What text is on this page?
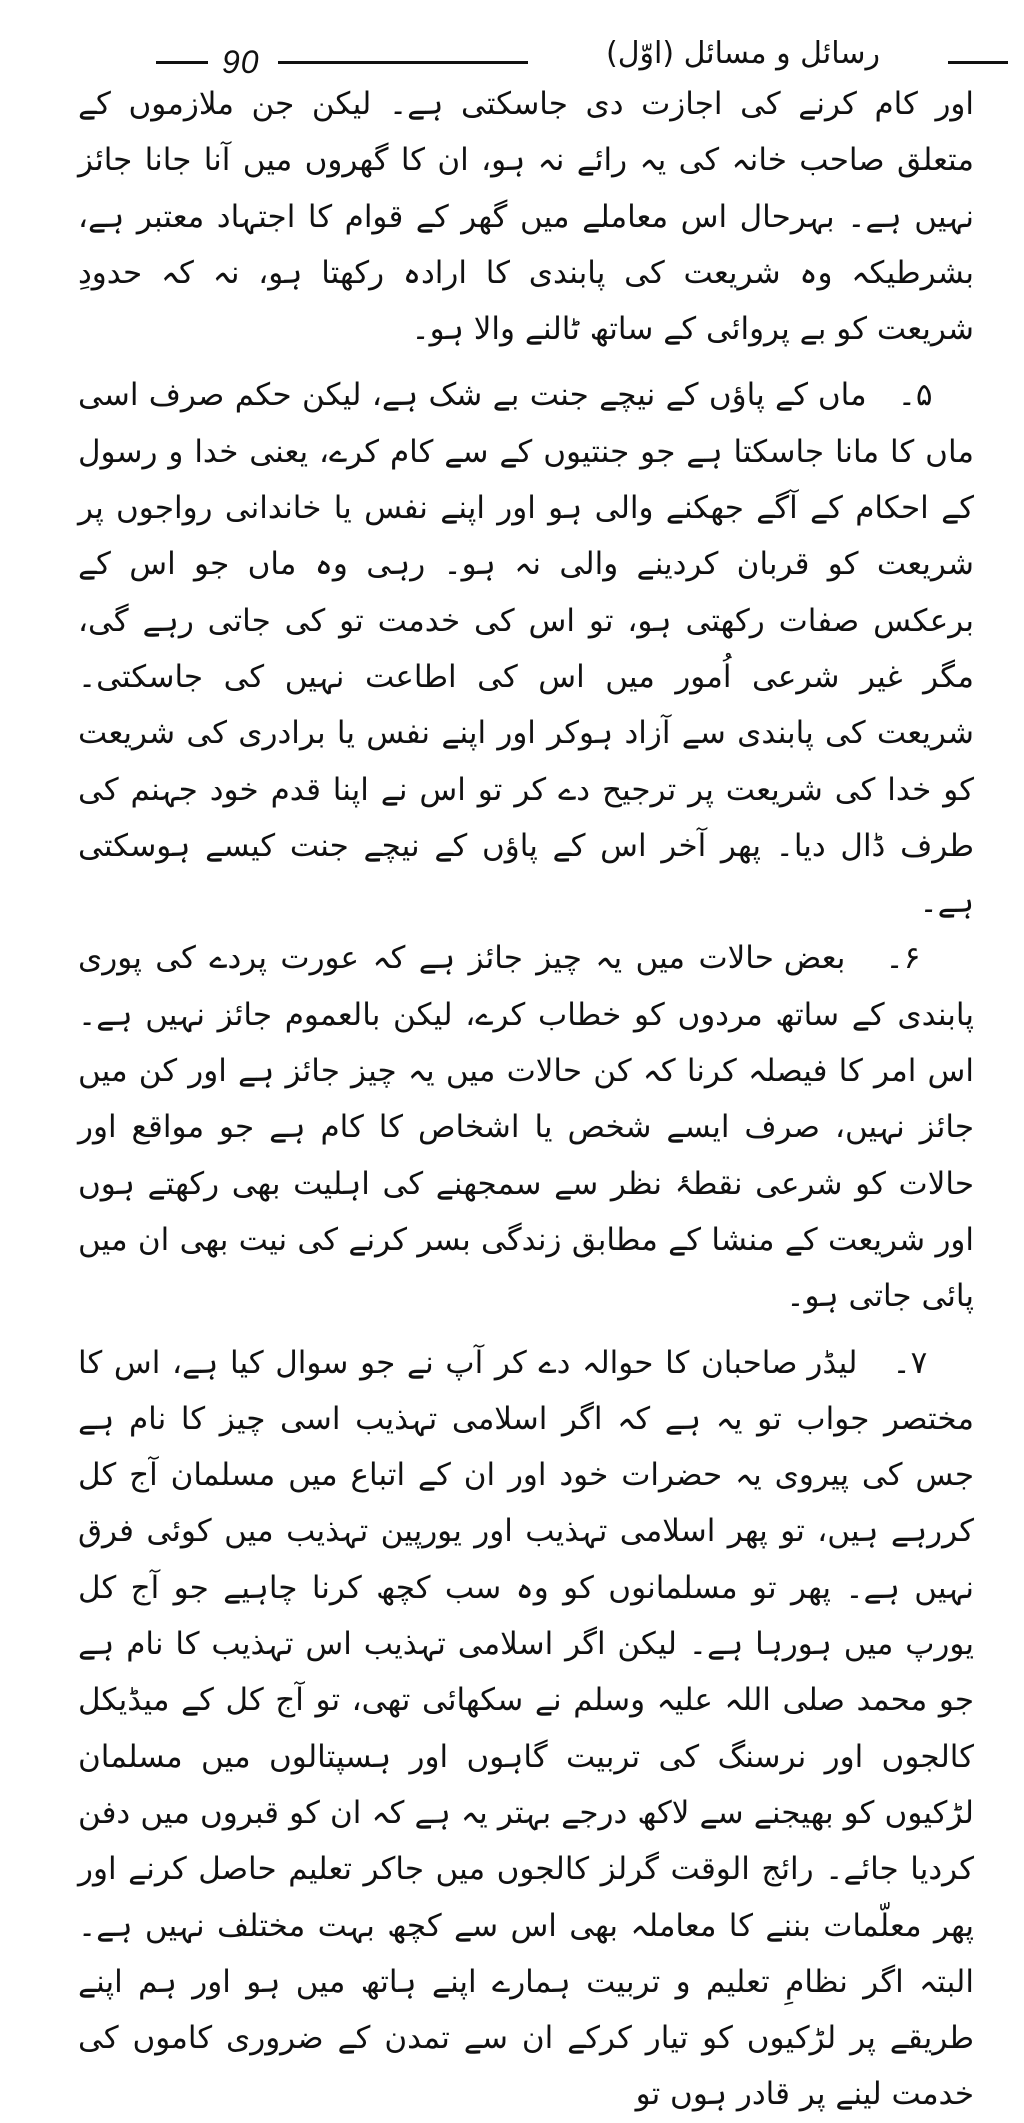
90	رسائل و مسائل (اوّل)

اور کام کرنے کی اجازت دی جاسکتی ہے۔ لیکن جن ملازموں کے متعلق صاحب خانہ کی یہ رائے نہ ہو، ان کا گھروں میں آنا جانا جائز نہیں ہے۔ بہرحال اس معاملے میں گھر کے قوام کا اجتہاد معتبر ہے، بشرطیکہ وہ شریعت کی پابندی کا ارادہ رکھتا ہو، نہ کہ حدودِ شریعت کو بے پروائی کے ساتھ ٹالنے والا ہو۔

۵۔   ماں کے پاؤں کے نیچے جنت بے شک ہے، لیکن حکم صرف اسی ماں کا مانا جاسکتا ہے جو جنتیوں کے سے کام کرے، یعنی خدا و رسول کے احکام کے آگے جھکنے والی ہو اور اپنے نفس یا خاندانی رواجوں پر شریعت کو قربان کردینے والی نہ ہو۔ رہی وہ ماں جو اس کے برعکس صفات رکھتی ہو، تو اس کی خدمت تو کی جاتی رہے گی، مگر غیر شرعی اُمور میں اس کی اطاعت نہیں کی جاسکتی۔ شریعت کی پابندی سے آزاد ہوکر اور اپنے نفس یا برادری کی شریعت کو خدا کی شریعت پر ترجیح دے کر تو اس نے اپنا قدم خود جہنم کی طرف ڈال دیا۔ پھر آخر اس کے پاؤں کے نیچے جنت کیسے ہوسکتی ہے۔

۶۔   بعض حالات میں یہ چیز جائز ہے کہ عورت پردے کی پوری پابندی کے ساتھ مردوں کو خطاب کرے، لیکن بالعموم جائز نہیں ہے۔ اس امر کا فیصلہ کرنا کہ کن حالات میں یہ چیز جائز ہے اور کن میں جائز نہیں، صرف ایسے شخص یا اشخاص کا کام ہے جو مواقع اور حالات کو شرعی نقطۂ نظر سے سمجھنے کی اہلیت بھی رکھتے ہوں اور شریعت کے منشا کے مطابق زندگی بسر کرنے کی نیت بھی ان میں پائی جاتی ہو۔

۷۔   لیڈر صاحبان کا حوالہ دے کر آپ نے جو سوال کیا ہے، اس کا مختصر جواب تو یہ ہے کہ اگر اسلامی تہذیب اسی چیز کا نام ہے جس کی پیروی یہ حضرات خود اور ان کے اتباع میں مسلمان آج کل کررہے ہیں، تو پھر اسلامی تہذیب اور یورپین تہذیب میں کوئی فرق نہیں ہے۔ پھر تو مسلمانوں کو وہ سب کچھ کرنا چاہیے جو آج کل یورپ میں ہورہا ہے۔ لیکن اگر اسلامی تہذیب اس تہذیب کا نام ہے جو محمد صلی اللہ علیہ وسلم نے سکھائی تھی، تو آج کل کے میڈیکل کالجوں اور نرسنگ کی تربیت گاہوں اور ہسپتالوں میں مسلمان لڑکیوں کو بھیجنے سے لاکھ درجے بہتر یہ ہے کہ ان کو قبروں میں دفن کردیا جائے۔ رائج الوقت گرلز کالجوں میں جاکر تعلیم حاصل کرنے اور پھر معلّمات بننے کا معاملہ بھی اس سے کچھ بہت مختلف نہیں ہے۔ البتہ اگر نظامِ تعلیم و تربیت ہمارے اپنے ہاتھ میں ہو اور ہم اپنے طریقے پر لڑکیوں کو تیار کرکے ان سے تمدن کے ضروری کاموں کی خدمت لینے پر قادر ہوں تو
